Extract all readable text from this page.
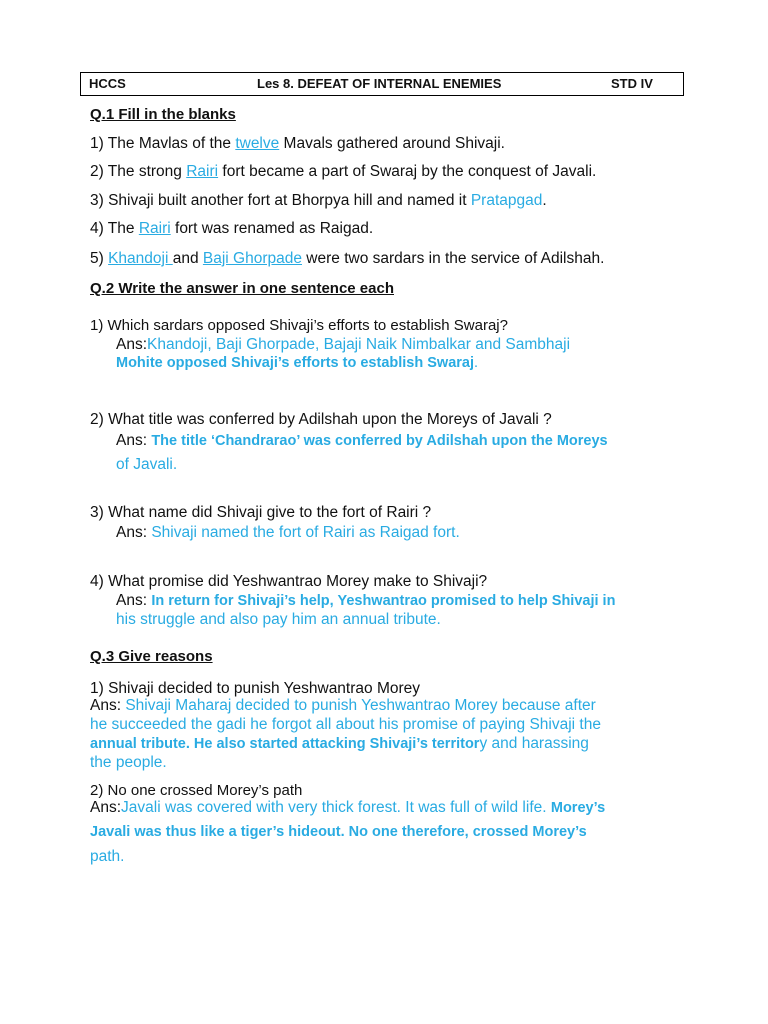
HCCS	Les 8. DEFEAT OF INTERNAL ENEMIES	STD IV
Q.1 Fill in the blanks
1) The Mavlas of the twelve Mavals gathered around Shivaji.
2) The strong Rairi fort became a part of Swaraj by the conquest of Javali.
3) Shivaji built another fort at Bhorpya hill and named it Pratapgad.
4) The Rairi fort was renamed as Raigad.
5) Khandoji and Baji Ghorpade were two sardars in the service of Adilshah.
Q.2 Write the answer in one sentence each
1) Which sardars opposed Shivaji’s efforts to establish Swaraj?
Ans:Khandoji, Baji Ghorpade, Bajaji Naik Nimbalkar and Sambhaji
Mohite opposed Shivaji’s efforts to establish Swaraj.
2) What title was conferred by Adilshah upon the Moreys of Javali ?
Ans: The title ‘Chandrarao’ was conferred by Adilshah upon the Moreys
of Javali.
3) What name did Shivaji give to the fort of Rairi ?
Ans: Shivaji named the fort of Rairi as Raigad fort.
4) What promise did Yeshwantrao Morey make to Shivaji?
Ans: In return for Shivaji’s help, Yeshwantrao promised to help Shivaji in
his struggle and also pay him an annual tribute.
Q.3 Give reasons
1) Shivaji decided to punish Yeshwantrao Morey
Ans: Shivaji Maharaj decided to punish Yeshwantrao Morey because after
he succeeded the gadi he forgot all about his promise of paying Shivaji the
annual tribute. He also started attacking Shivaji’s territory and harassing
the people.
2) No one crossed Morey’s path
Ans:Javali was covered with very thick forest. It was full of wild life. Morey’s
Javali was thus like a tiger’s hideout. No one therefore, crossed Morey’s
path.
